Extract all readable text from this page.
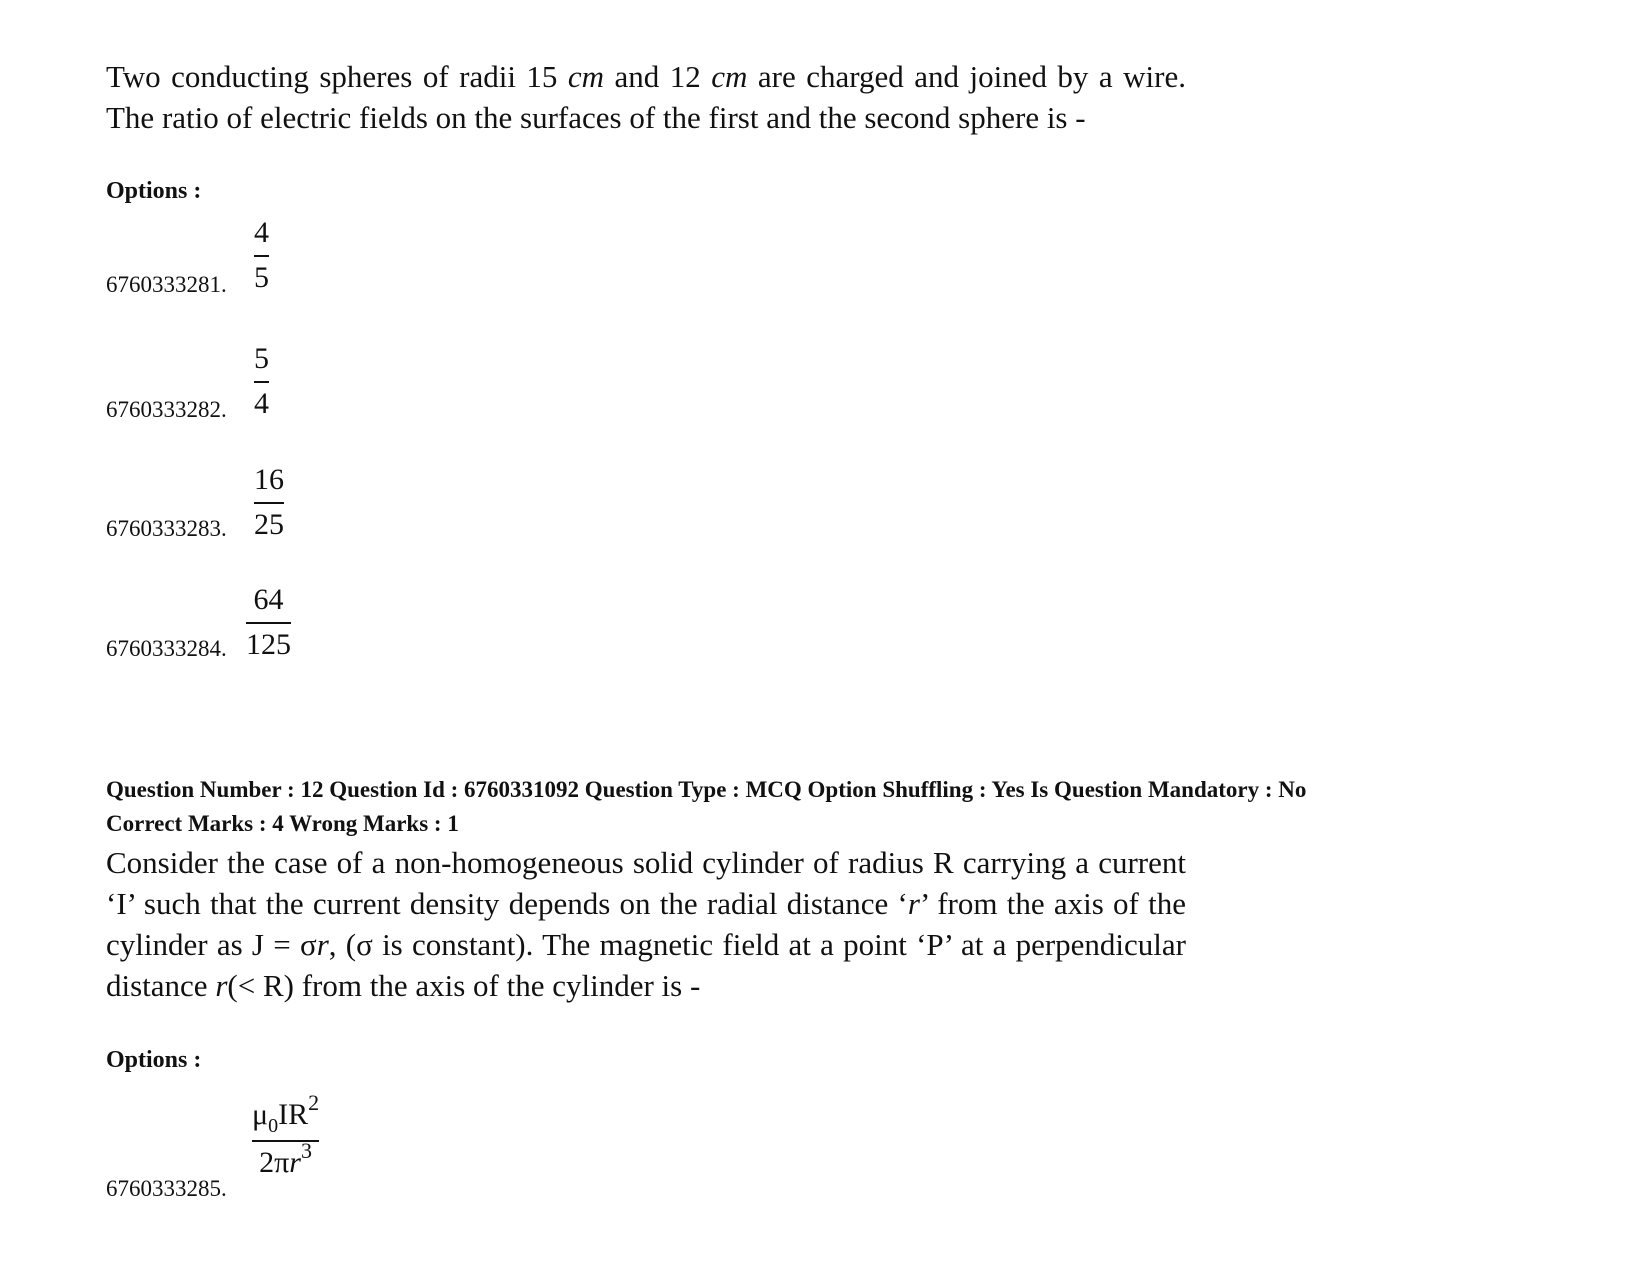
Two conducting spheres of radii 15 cm and 12 cm are charged and joined by a wire. The ratio of electric fields on the surfaces of the first and the second sphere is -
Options :
6760333281.
4
5
6760333282.
5
4
6760333283.
16
25
6760333284.
64
125
Question Number : 12 Question Id : 6760331092 Question Type : MCQ Option Shuffling : Yes Is Question Mandatory : No
Correct Marks : 4 Wrong Marks : 1
Consider the case of a non-homogeneous solid cylinder of radius R carrying a current ‘I’ such that the current density depends on the radial distance ‘r’ from the axis of the cylinder as J = σr, (σ is constant). The magnetic field at a point ‘P’ at a perpendicular distance r(< R) from the axis of the cylinder is -
Options :
6760333285.
$\mu_0IR^2$
$2\pi r^3$
